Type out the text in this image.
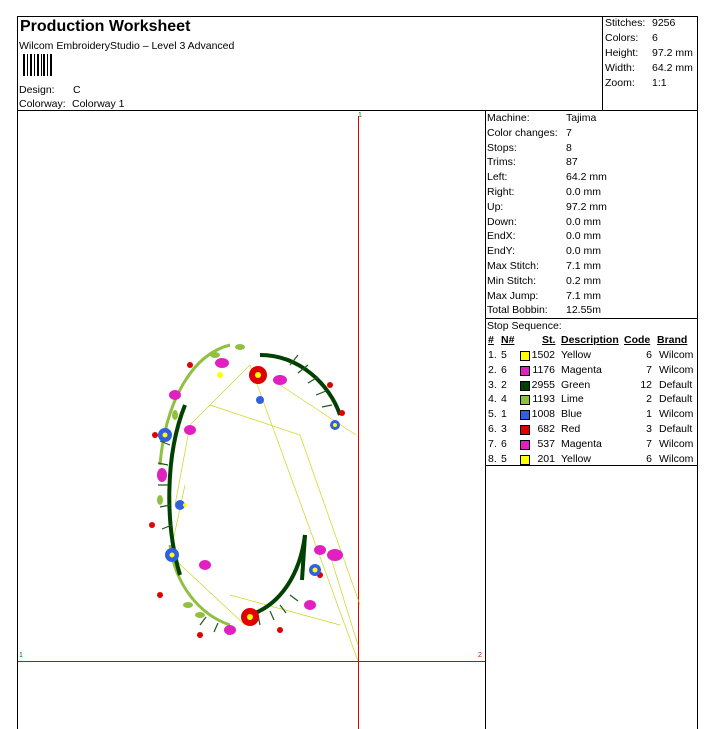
Production Worksheet
Wilcom EmbroideryStudio – Level 3 Advanced
Design: C
Colorway: Colorway 1
Stitches: 9256
Colors: 6
Height: 97.2 mm
Width: 64.2 mm
Zoom: 1:1
Machine:	Tajima
Color changes: 7
Stops:	8
Trims:	87
Left:	64.2 mm
Right:	0.0 mm
Up:	97.2 mm
Down:	0.0 mm
EndX:	0.0 mm
EndY:	0.0 mm
Max Stitch:	7.1 mm
Min Stitch:	0.2 mm
Max Jump:	7.1 mm
Total Bobbin: 12.55m
Stop Sequence:
# N#	St. Description Code Brand
1. 5 1502 Yellow	6 Wilcom
2. 6 1176 Magenta	7 Wilcom
3. 2 2955 Green	12 Default
4. 4 1193 Lime	2 Default
5. 1 1008 Blue	1 Wilcom
6. 3	682 Red	3 Default
7. 6	537 Magenta	7 Wilcom
8. 5	201 Yellow	6 Wilcom
1
1	2
